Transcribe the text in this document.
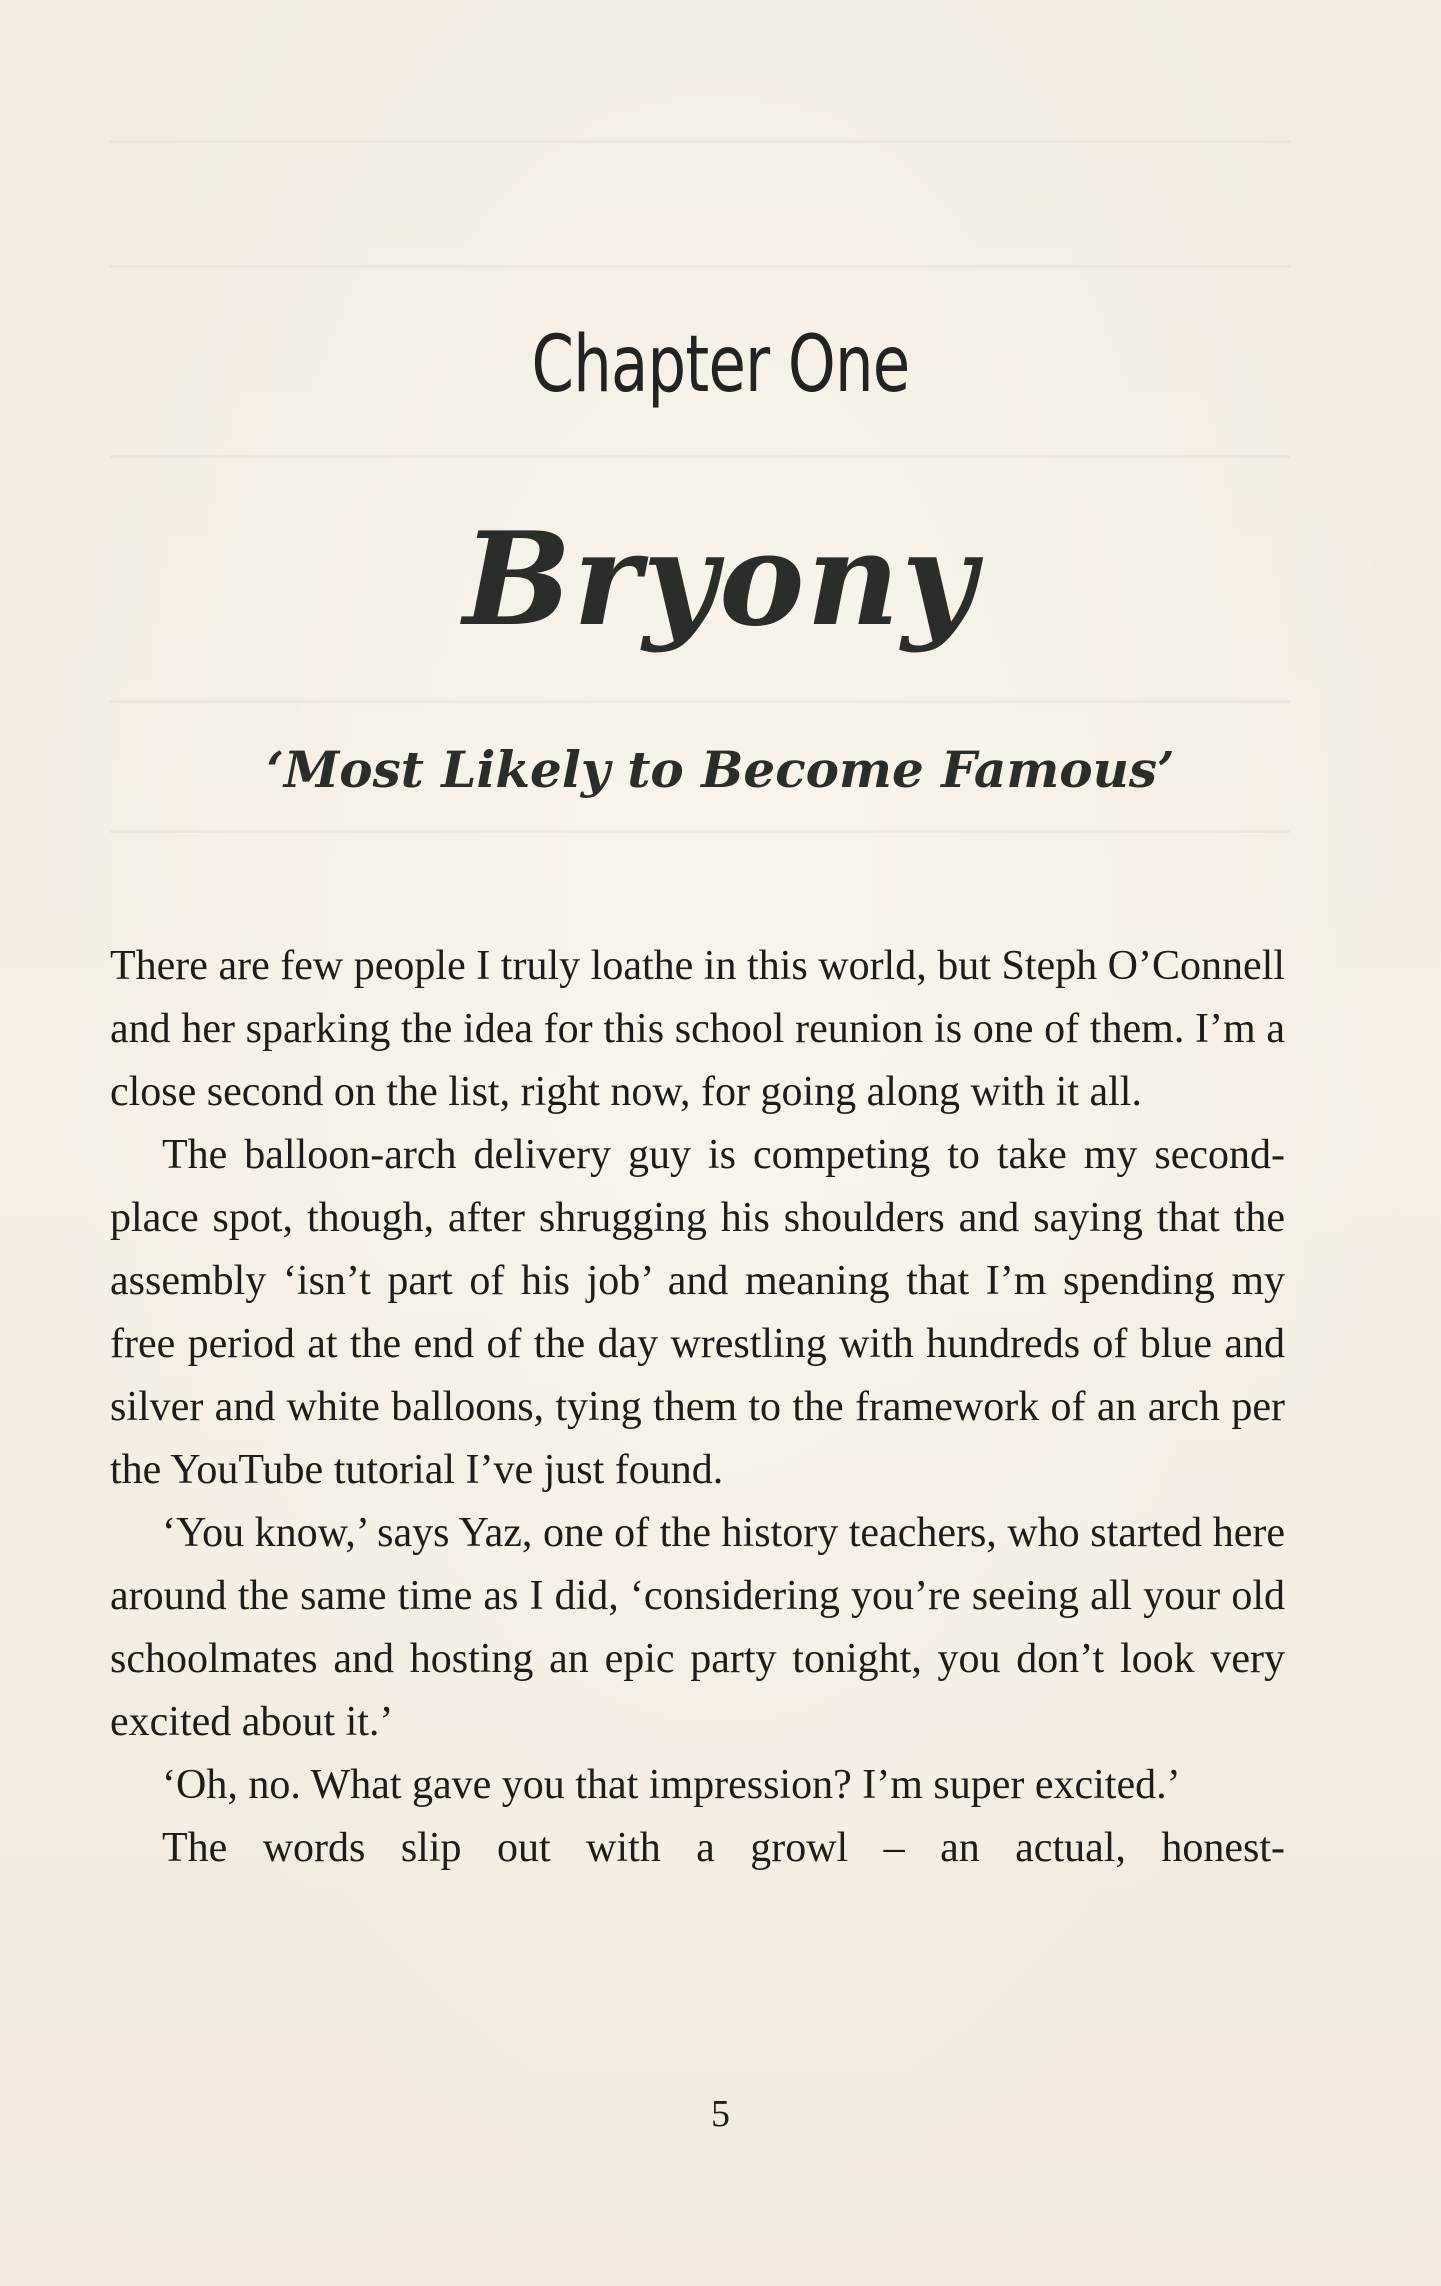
Chapter One
Bryony
‘Most Likely to Become Famous’

There are few people I truly loathe in this world, but Steph O’Connell and her sparking the idea for this school reunion is one of them. I’m a close second on the list, right now, for going along with it all.

The balloon-arch delivery guy is competing to take my second-place spot, though, after shrugging his shoulders and saying that the assembly ‘isn’t part of his job’ and meaning that I’m spending my free period at the end of the day wrestling with hundreds of blue and silver and white balloons, tying them to the framework of an arch per the YouTube tutorial I’ve just found.

‘You know,’ says Yaz, one of the history teachers, who started here around the same time as I did, ‘considering you’re seeing all your old schoolmates and hosting an epic party tonight, you don’t look very excited about it.’

‘Oh, no. What gave you that impression? I’m super excited.’

The words slip out with a growl – an actual, honest-

5
